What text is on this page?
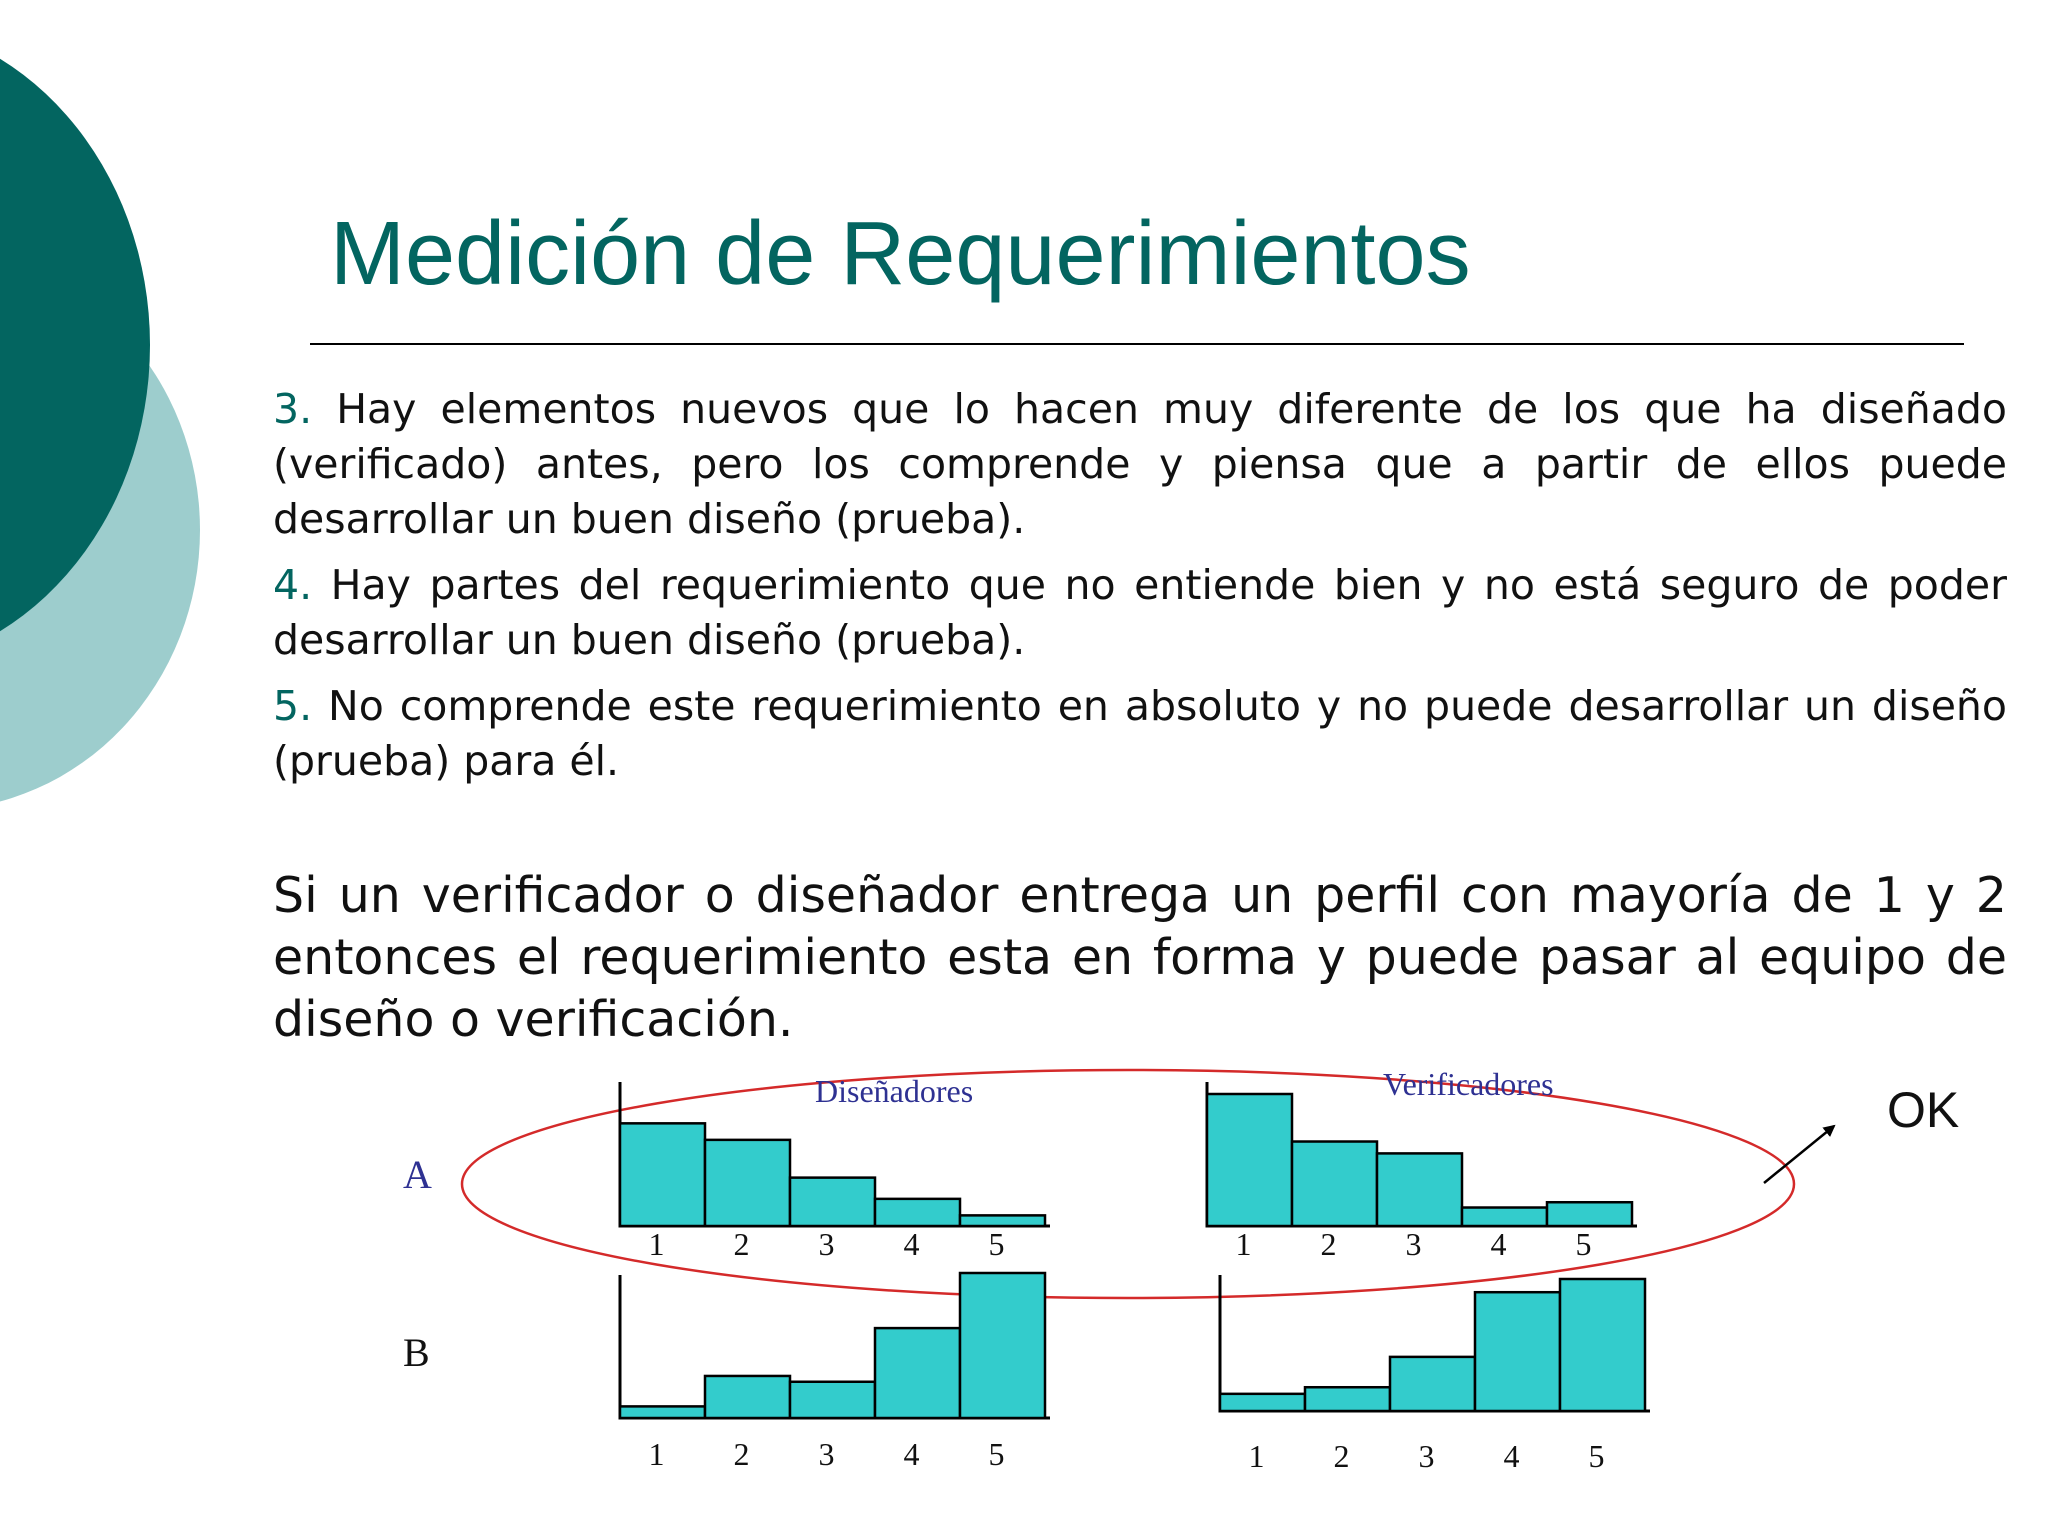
Medición de Requerimientos
3. Hay elementos nuevos que lo hacen muy diferente de los que ha diseñado (verificado) antes, pero los comprende y piensa que a partir de ellos puede desarrollar un buen diseño (prueba).
4. Hay partes del requerimiento que no entiende bien y no está seguro de poder desarrollar un buen diseño (prueba).
5. No comprende este requerimiento en absoluto y no puede desarrollar un diseño (prueba) para él.

Si un verificador o diseñador entrega un perfil con mayoría de 1 y 2 entonces el requerimiento esta en forma y puede pasar al equipo de diseño o verificación.

1 2 3 4 5	1 2 3 4 5
1 2 3 4 5	1 2 3 4 5
OK
A
B
Diseñadores	Verificadores
